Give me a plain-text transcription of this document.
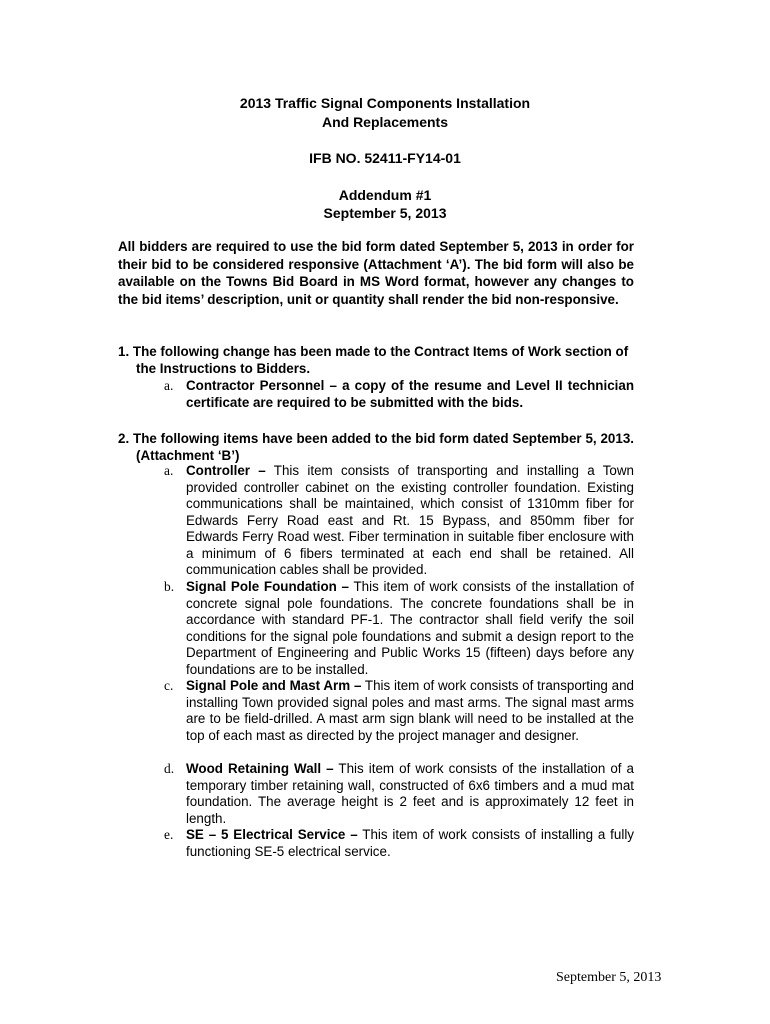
2013 Traffic Signal Components Installation
And Replacements
IFB NO. 52411-FY14-01
Addendum #1
September 5, 2013
All bidders are required to use the bid form dated September 5, 2013 in order for their bid to be considered responsive (Attachment ‘A’). The bid form will also be available on the Towns Bid Board in MS Word format, however any changes to the bid items’ description, unit or quantity shall render the bid non-responsive.
1. The following change has been made to the Contract Items of Work section of the Instructions to Bidders.
a. Contractor Personnel – a copy of the resume and Level II technician certificate are required to be submitted with the bids.
2. The following items have been added to the bid form dated September 5, 2013. (Attachment ‘B’)
a. Controller – This item consists of transporting and installing a Town provided controller cabinet on the existing controller foundation. Existing communications shall be maintained, which consist of 1310mm fiber for Edwards Ferry Road east and Rt. 15 Bypass, and 850mm fiber for Edwards Ferry Road west. Fiber termination in suitable fiber enclosure with a minimum of 6 fibers terminated at each end shall be retained. All communication cables shall be provided.
b. Signal Pole Foundation – This item of work consists of the installation of concrete signal pole foundations. The concrete foundations shall be in accordance with standard PF-1. The contractor shall field verify the soil conditions for the signal pole foundations and submit a design report to the Department of Engineering and Public Works 15 (fifteen) days before any foundations are to be installed.
c. Signal Pole and Mast Arm – This item of work consists of transporting and installing Town provided signal poles and mast arms. The signal mast arms are to be field-drilled. A mast arm sign blank will need to be installed at the top of each mast as directed by the project manager and designer.
d. Wood Retaining Wall – This item of work consists of the installation of a temporary timber retaining wall, constructed of 6x6 timbers and a mud mat foundation. The average height is 2 feet and is approximately 12 feet in length.
e. SE – 5 Electrical Service – This item of work consists of installing a fully functioning SE-5 electrical service.
September 5, 2013
